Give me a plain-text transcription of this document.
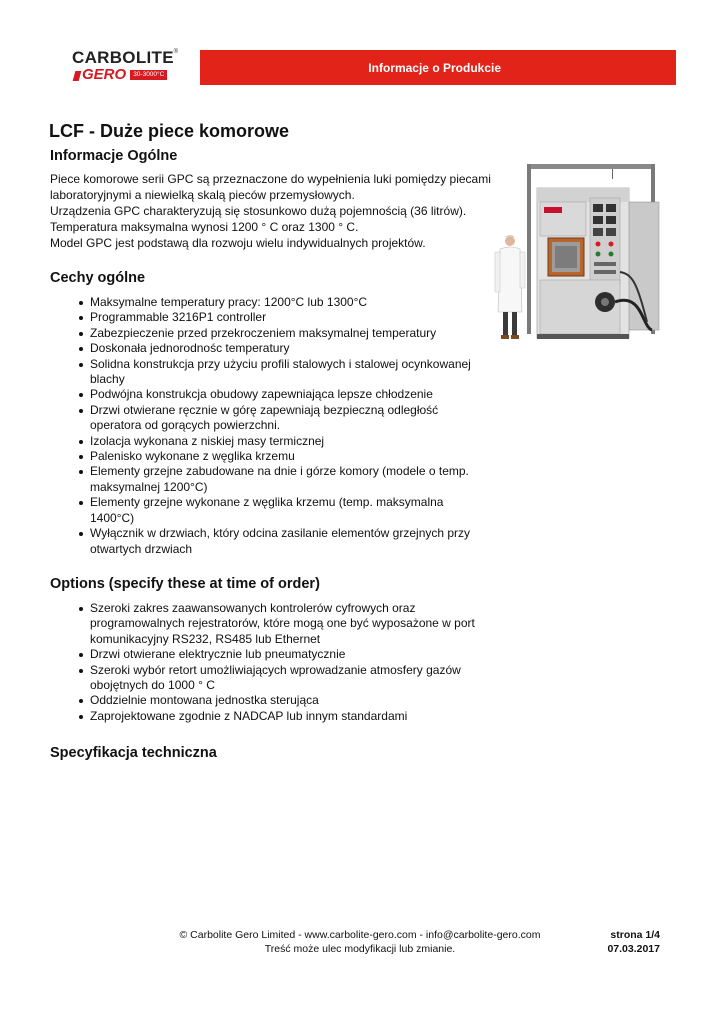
CARBOLITE ®
GERO	30-3000°C	Informacje o Produkcie
LCF - Duże piece komorowe
Informacje Ogólne
Piece komorowe serii GPC są przeznaczone do wypełnienia luki pomiędzy piecami
laboratoryjnymi a niewielką skalą pieców przemysłowych.
Urządzenia GPC charakteryzują się stosunkowo dużą pojemnością (36 litrów).
Temperatura maksymalna wynosi 1200 ° C oraz 1300 ° C.
Model GPC jest podstawą dla rozwoju wielu indywidualnych projektów.
Cechy ogólne
Maksymalne temperatury pracy: 1200°C lub 1300°C
Programmable 3216P1 controller
Zabezpieczenie przed przekroczeniem maksymalnej temperatury
Doskonała jednorodnośc temperatury
Solidna konstrukcja przy użyciu profili stalowych i stalowej ocynkowanej blachy
Podwójna konstrukcja obudowy zapewniająca lepsze chłodzenie
Drzwi otwierane ręcznie w górę zapewniają bezpieczną odległość operatora od gorących powierzchni.
Izolacja wykonana z niskiej masy termicznej
Palenisko wykonane z węglika krzemu
Elementy grzejne zabudowane na dnie i górze komory (modele o temp. maksymalnej 1200°C)
Elementy grzejne wykonane z węglika krzemu (temp. maksymalna 1400°C)
Wyłącznik w drzwiach, który odcina zasilanie elementów grzejnych przy otwartych drzwiach
Options (specify these at time of order)
Szeroki zakres zaawansowanych kontrolerów cyfrowych oraz programowalnych rejestratorów, które mogą one być wyposażone w port komunikacyjny RS232, RS485 lub Ethernet
Drzwi otwierane elektrycznie lub pneumatycznie
Szeroki wybór retort umożliwiających wprowadzanie atmosfery gazów obojętnych do 1000 ° C
Oddzielnie montowana jednostka sterująca
Zaprojektowane zgodnie z NADCAP lub innym standardami
Specyfikacja techniczna
© Carbolite Gero Limited - www.carbolite-gero.com - info@carbolite-gero.com
Treść może ulec modyfikacji lub zmianie.
strona 1/4
07.03.2017
